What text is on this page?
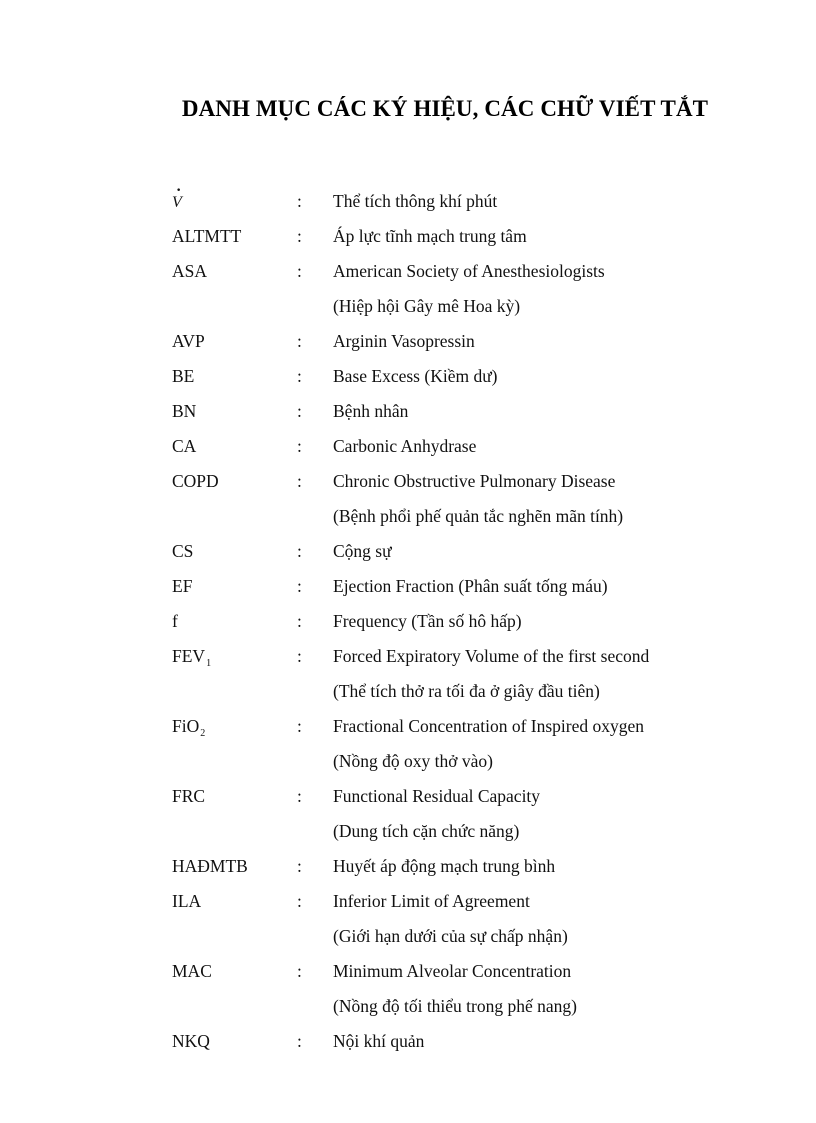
DANH MỤC CÁC KÝ HIỆU, CÁC CHỮ VIẾT TẮT
·
V	: Thể tích thông khí phút
ALTMTT	: Áp lực tĩnh mạch trung tâm
ASA	: American Society of Anesthesiologists
(Hiệp hội Gây mê Hoa kỳ)
AVP	: Arginin Vasopressin
BE	: Base Excess (Kiềm dư)
BN	: Bệnh nhân
CA	: Carbonic Anhydrase
COPD	: Chronic Obstructive Pulmonary Disease
(Bệnh phổi phế quản tắc nghẽn mãn tính)
CS	: Cộng sự
EF	: Ejection Fraction (Phân suất tống máu)
f	: Frequency (Tần số hô hấp)
$FEV_1$	: Forced Expiratory Volume of the first second
(Thể tích thở ra tối đa ở giây đầu tiên)
FiO$_2$	: Fractional Concentration of Inspired oxygen
(Nồng độ oxy thở vào)
FRC	: Functional Residual Capacity
(Dung tích cặn chức năng)
HAĐMTB	: Huyết áp động mạch trung bình
ILA	: Inferior Limit of Agreement
(Giới hạn dưới của sự chấp nhận)
MAC	: Minimum Alveolar Concentration
(Nồng độ tối thiểu trong phế nang)
NKQ	: Nội khí quản
